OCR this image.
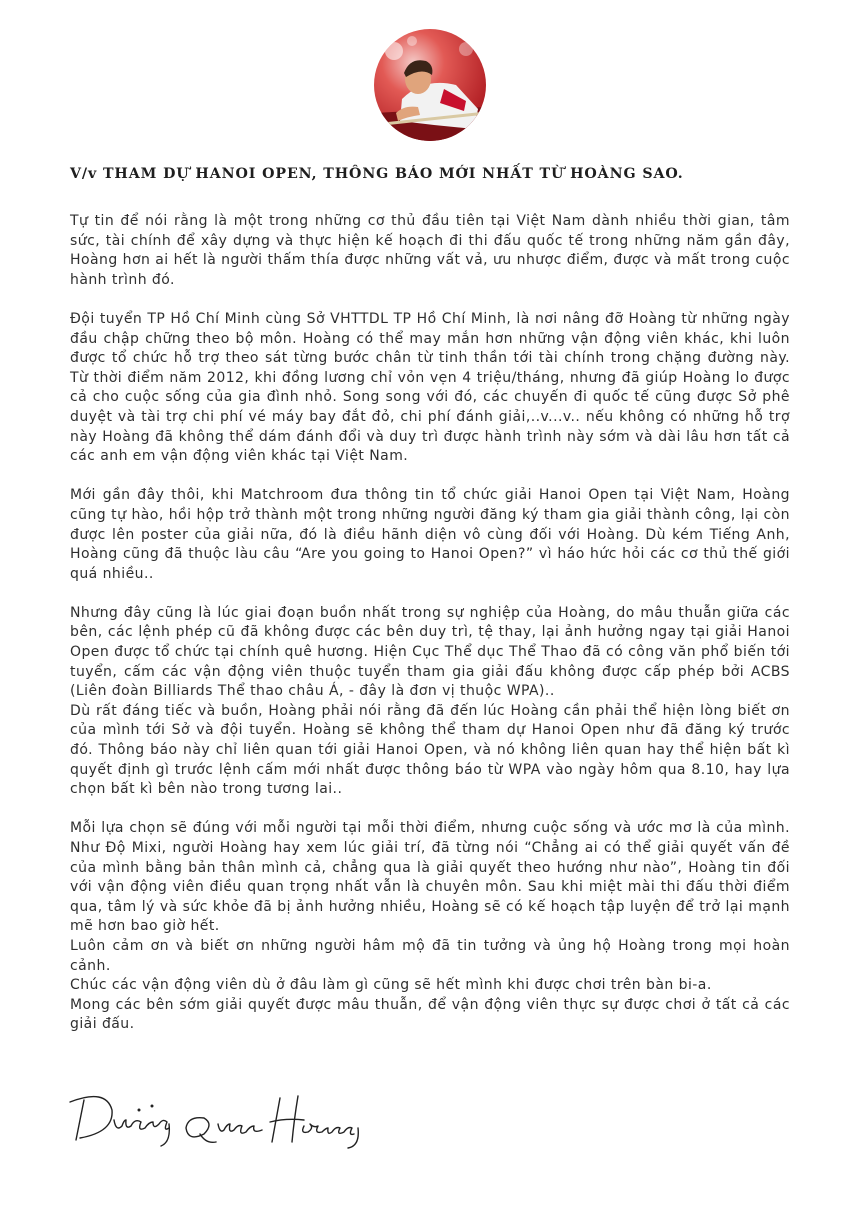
V/v THAM DỰ HANOI OPEN, THÔNG BÁO MỚI NHẤT TỪ HOÀNG SAO.

Tự tin để nói rằng là một trong những cơ thủ đầu tiên tại Việt Nam dành nhiều thời gian, tâm sức, tài chính để xây dựng và thực hiện kế hoạch đi thi đấu quốc tế trong những năm gần đây, Hoàng hơn ai hết là người thấm thía được những vất vả, ưu nhược điểm, được và mất trong cuộc hành trình đó.

Đội tuyển TP Hồ Chí Minh cùng Sở VHTTDL TP Hồ Chí Minh, là nơi nâng đỡ Hoàng từ những ngày đầu chập chững theo bộ môn. Hoàng có thể may mắn hơn những vận động viên khác, khi luôn được tổ chức hỗ trợ theo sát từng bước chân từ tinh thần tới tài chính trong chặng đường này. Từ thời điểm năm 2012, khi đồng lương chỉ vỏn vẹn 4 triệu/tháng, nhưng đã giúp Hoàng lo được cả cho cuộc sống của gia đình nhỏ. Song song với đó, các chuyến đi quốc tế cũng được Sở phê duyệt và tài trợ chi phí vé máy bay đắt đỏ, chi phí đánh giải,..v...v.. nếu không có những hỗ trợ này Hoàng đã không thể dám đánh đổi và duy trì được hành trình này sớm và dài lâu hơn tất cả các anh em vận động viên khác tại Việt Nam.

Mới gần đây thôi, khi Matchroom đưa thông tin tổ chức giải Hanoi Open tại Việt Nam, Hoàng cũng tự hào, hồi hộp trở thành một trong những người đăng ký tham gia giải thành công, lại còn được lên poster của giải nữa, đó là điều hãnh diện vô cùng đối với Hoàng. Dù kém Tiếng Anh, Hoàng cũng đã thuộc làu câu “Are you going to Hanoi Open?” vì háo hức hỏi các cơ thủ thế giới quá nhiều..

Nhưng đây cũng là lúc giai đoạn buồn nhất trong sự nghiệp của Hoàng, do mâu thuẫn giữa các bên, các lệnh phép cũ đã không được các bên duy trì, tệ thay, lại ảnh hưởng ngay tại giải Hanoi Open được tổ chức tại chính quê hương. Hiện Cục Thể dục Thể Thao đã có công văn phổ biến tới tuyển, cấm các vận động viên thuộc tuyển tham gia giải đấu không được cấp phép bởi ACBS (Liên đoàn Billiards Thể thao châu Á, - đây là đơn vị thuộc WPA)..

Dù rất đáng tiếc và buồn, Hoàng phải nói rằng đã đến lúc Hoàng cần phải thể hiện lòng biết ơn của mình tới Sở và đội tuyển. Hoàng sẽ không thể tham dự Hanoi Open như đã đăng ký trước đó. Thông báo này chỉ liên quan tới giải Hanoi Open, và nó không liên quan hay thể hiện bất kì quyết định gì trước lệnh cấm mới nhất được thông báo từ WPA vào ngày hôm qua 8.10, hay lựa chọn bất kì bên nào trong tương lai..

Mỗi lựa chọn sẽ đúng với mỗi người tại mỗi thời điểm, nhưng cuộc sống và ước mơ là của mình. Như Độ Mixi, người Hoàng hay xem lúc giải trí, đã từng nói “Chẳng ai có thể giải quyết vấn đề của mình bằng bản thân mình cả, chẳng qua là giải quyết theo hướng như nào”, Hoàng tin đối với vận động viên điều quan trọng nhất vẫn là chuyên môn. Sau khi miệt mài thi đấu thời điểm qua, tâm lý và sức khỏe đã bị ảnh hưởng nhiều, Hoàng sẽ có kế hoạch tập luyện để trở lại mạnh mẽ hơn bao giờ hết.

Luôn cảm ơn và biết ơn những người hâm mộ đã tin tưởng và ủng hộ Hoàng trong mọi hoàn cảnh.

Chúc các vận động viên dù ở đâu làm gì cũng sẽ hết mình khi được chơi trên bàn bi-a.

Mong các bên sớm giải quyết được mâu thuẫn, để vận động viên thực sự được chơi ở tất cả các giải đấu.
